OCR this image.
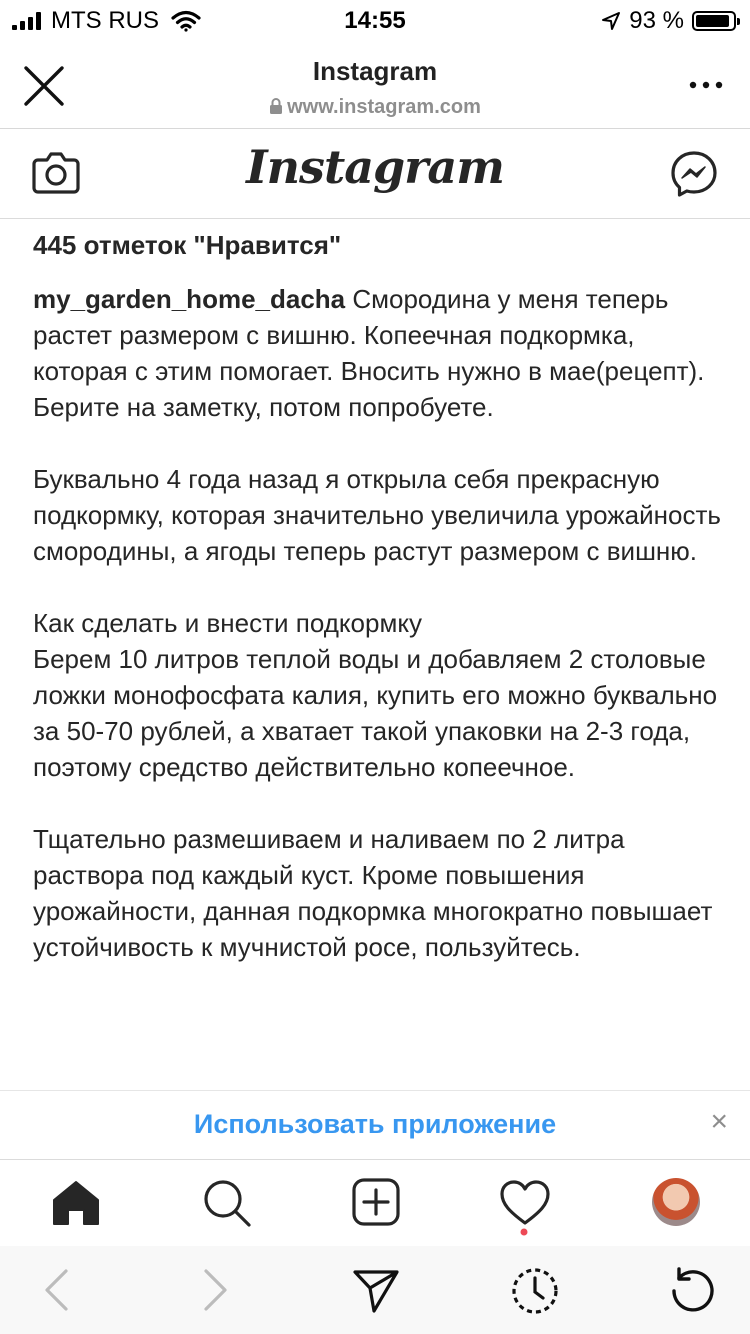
MTS RUS	14:55	93 %
Instagram
www.instagram.com
Instagram
445 отметок "Нравится"

my_garden_home_dacha Смородина у меня теперь растет размером с вишню. Копеечная подкормка, которая с этим помогает. Вносить нужно в мае(рецепт). Берите на заметку, потом попробуете.

Буквально 4 года назад я открыла себя прекрасную подкормку, которая значительно увеличила урожайность смородины, а ягоды теперь растут размером с вишню.

Как сделать и внести подкормку

Берем 10 литров теплой воды и добавляем 2 столовые ложки монофосфата калия, купить его можно буквально за 50-70 рублей, а хватает такой упаковки на 2-3 года, поэтому средство действительно копеечное.

Тщательно размешиваем и наливаем по 2 литра раствора под каждый куст. Кроме повышения урожайности, данная подкормка многократно повышает устойчивость к мучнистой росе, пользуйтесь.

Использовать приложение	×
